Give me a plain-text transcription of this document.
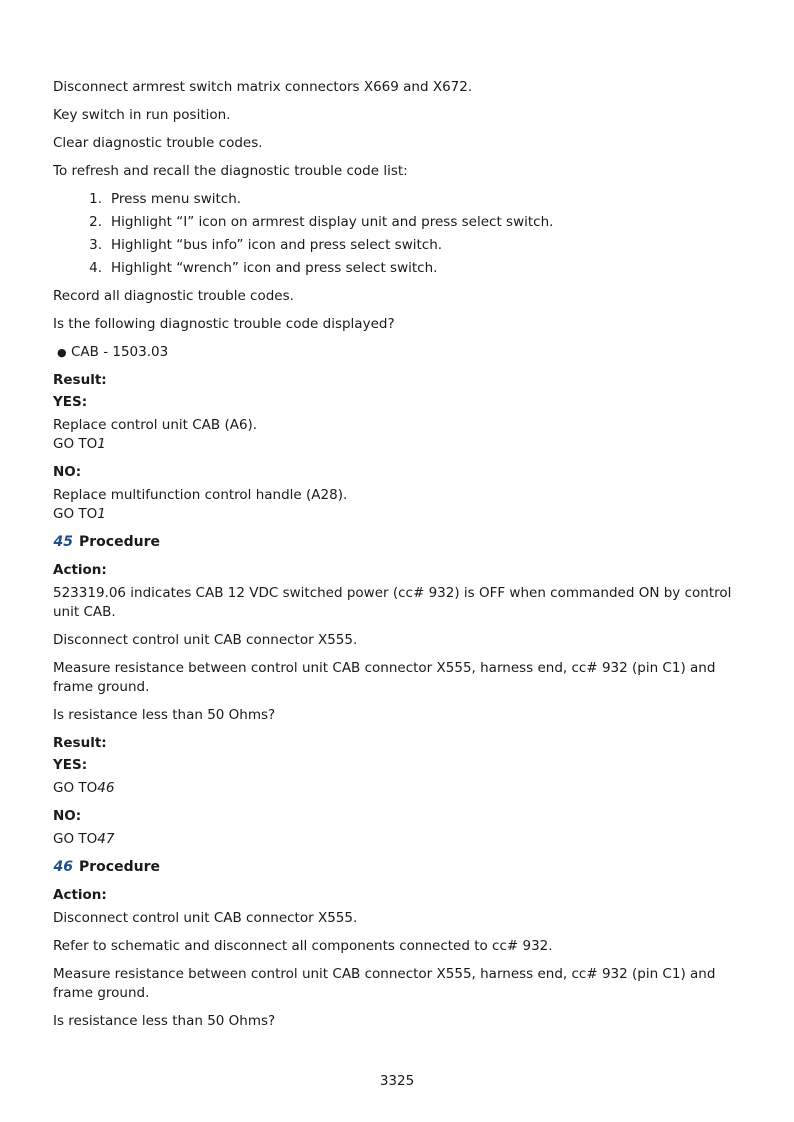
Disconnect armrest switch matrix connectors X669 and X672.

Key switch in run position.

Clear diagnostic trouble codes.

To refresh and recall the diagnostic trouble code list:

1. Press menu switch.
2. Highlight “I” icon on armrest display unit and press select switch.
3. Highlight “bus info” icon and press select switch.
4. Highlight “wrench” icon and press select switch.

Record all diagnostic trouble codes.

Is the following diagnostic trouble code displayed?

● CAB - 1503.03

Result:

YES:

Replace control unit CAB (A6).
GO TO1

NO:

Replace multifunction control handle (A28).
GO TO1
45 Procedure

Action:

523319.06 indicates CAB 12 VDC switched power (cc# 932) is OFF when commanded ON by control unit CAB.

Disconnect control unit CAB connector X555.

Measure resistance between control unit CAB connector X555, harness end, cc# 932 (pin C1) and frame ground.

Is resistance less than 50 Ohms?

Result:

YES:

GO TO46

NO:

GO TO47
46 Procedure

Action:

Disconnect control unit CAB connector X555.

Refer to schematic and disconnect all components connected to cc# 932.

Measure resistance between control unit CAB connector X555, harness end, cc# 932 (pin C1) and frame ground.

Is resistance less than 50 Ohms?

3325
